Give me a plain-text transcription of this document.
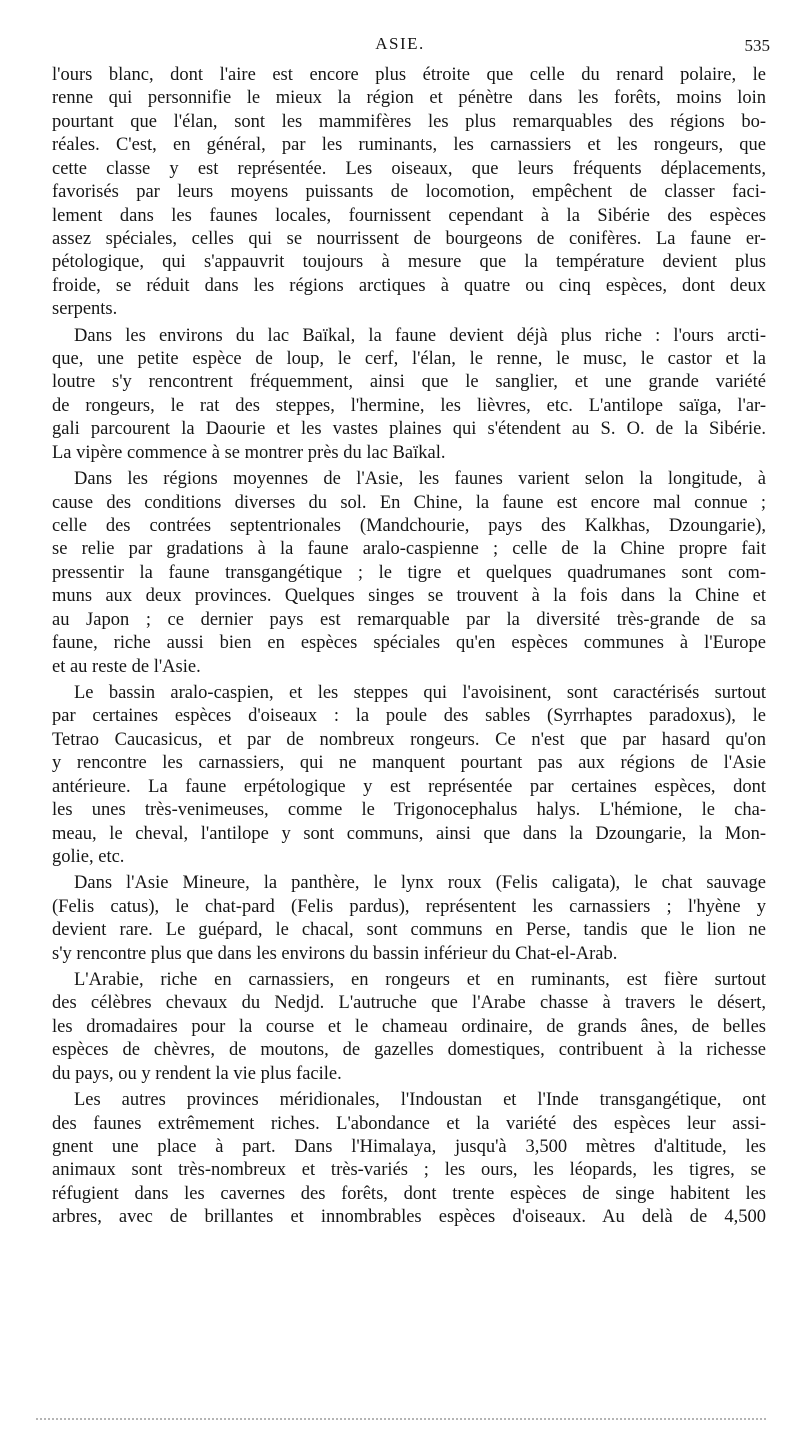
ASIE.	535
l'ours blanc, dont l'aire est encore plus étroite que celle du renard polaire, le
renne qui personnifie le mieux la région et pénètre dans les forêts, moins loin
pourtant que l'élan, sont les mammifères les plus remarquables des régions bo-
réales. C'est, en général, par les ruminants, les carnassiers et les rongeurs, que
cette classe y est représentée. Les oiseaux, que leurs fréquents déplacements,
favorisés par leurs moyens puissants de locomotion, empêchent de classer faci-
lement dans les faunes locales, fournissent cependant à la Sibérie des espèces
assez spéciales, celles qui se nourrissent de bourgeons de conifères. La faune er-
pétologique, qui s'appauvrit toujours à mesure que la température devient plus
froide, se réduit dans les régions arctiques à quatre ou cinq espèces, dont deux
serpents.
Dans les environs du lac Baïkal, la faune devient déjà plus riche : l'ours arcti-
que, une petite espèce de loup, le cerf, l'élan, le renne, le musc, le castor et la
loutre s'y rencontrent fréquemment, ainsi que le sanglier, et une grande variété
de rongeurs, le rat des steppes, l'hermine, les lièvres, etc. L'antilope saïga, l'ar-
gali parcourent la Daourie et les vastes plaines qui s'étendent au S. O. de la Sibérie.
La vipère commence à se montrer près du lac Baïkal.
Dans les régions moyennes de l'Asie, les faunes varient selon la longitude, à
cause des conditions diverses du sol. En Chine, la faune est encore mal connue ;
celle des contrées septentrionales (Mandchourie, pays des Kalkhas, Dzoungarie),
se relie par gradations à la faune aralo-caspienne ; celle de la Chine propre fait
pressentir la faune transgangétique ; le tigre et quelques quadrumanes sont com-
muns aux deux provinces. Quelques singes se trouvent à la fois dans la Chine et
au Japon ; ce dernier pays est remarquable par la diversité très-grande de sa
faune, riche aussi bien en espèces spéciales qu'en espèces communes à l'Europe
et au reste de l'Asie.
Le bassin aralo-caspien, et les steppes qui l'avoisinent, sont caractérisés surtout
par certaines espèces d'oiseaux : la poule des sables (Syrrhaptes paradoxus), le
Tetrao Caucasicus, et par de nombreux rongeurs. Ce n'est que par hasard qu'on
y rencontre les carnassiers, qui ne manquent pourtant pas aux régions de l'Asie
antérieure. La faune erpétologique y est représentée par certaines espèces, dont
les unes très-venimeuses, comme le Trigonocephalus halys. L'hémione, le cha-
meau, le cheval, l'antilope y sont communs, ainsi que dans la Dzoungarie, la Mon-
golie, etc.
Dans l'Asie Mineure, la panthère, le lynx roux (Felis caligata), le chat sauvage
(Felis catus), le chat-pard (Felis pardus), représentent les carnassiers ; l'hyène y
devient rare. Le guépard, le chacal, sont communs en Perse, tandis que le lion ne
s'y rencontre plus que dans les environs du bassin inférieur du Chat-el-Arab.
L'Arabie, riche en carnassiers, en rongeurs et en ruminants, est fière surtout
des célèbres chevaux du Nedjd. L'autruche que l'Arabe chasse à travers le désert,
les dromadaires pour la course et le chameau ordinaire, de grands ânes, de belles
espèces de chèvres, de moutons, de gazelles domestiques, contribuent à la richesse
du pays, ou y rendent la vie plus facile.
Les autres provinces méridionales, l'Indoustan et l'Inde transgangétique, ont
des faunes extrêmement riches. L'abondance et la variété des espèces leur assi-
gnent une place à part. Dans l'Himalaya, jusqu'à 3,500 mètres d'altitude, les
animaux sont très-nombreux et très-variés ; les ours, les léopards, les tigres, se
réfugient dans les cavernes des forêts, dont trente espèces de singe habitent les
arbres, avec de brillantes et innombrables espèces d'oiseaux. Au delà de 4,500
